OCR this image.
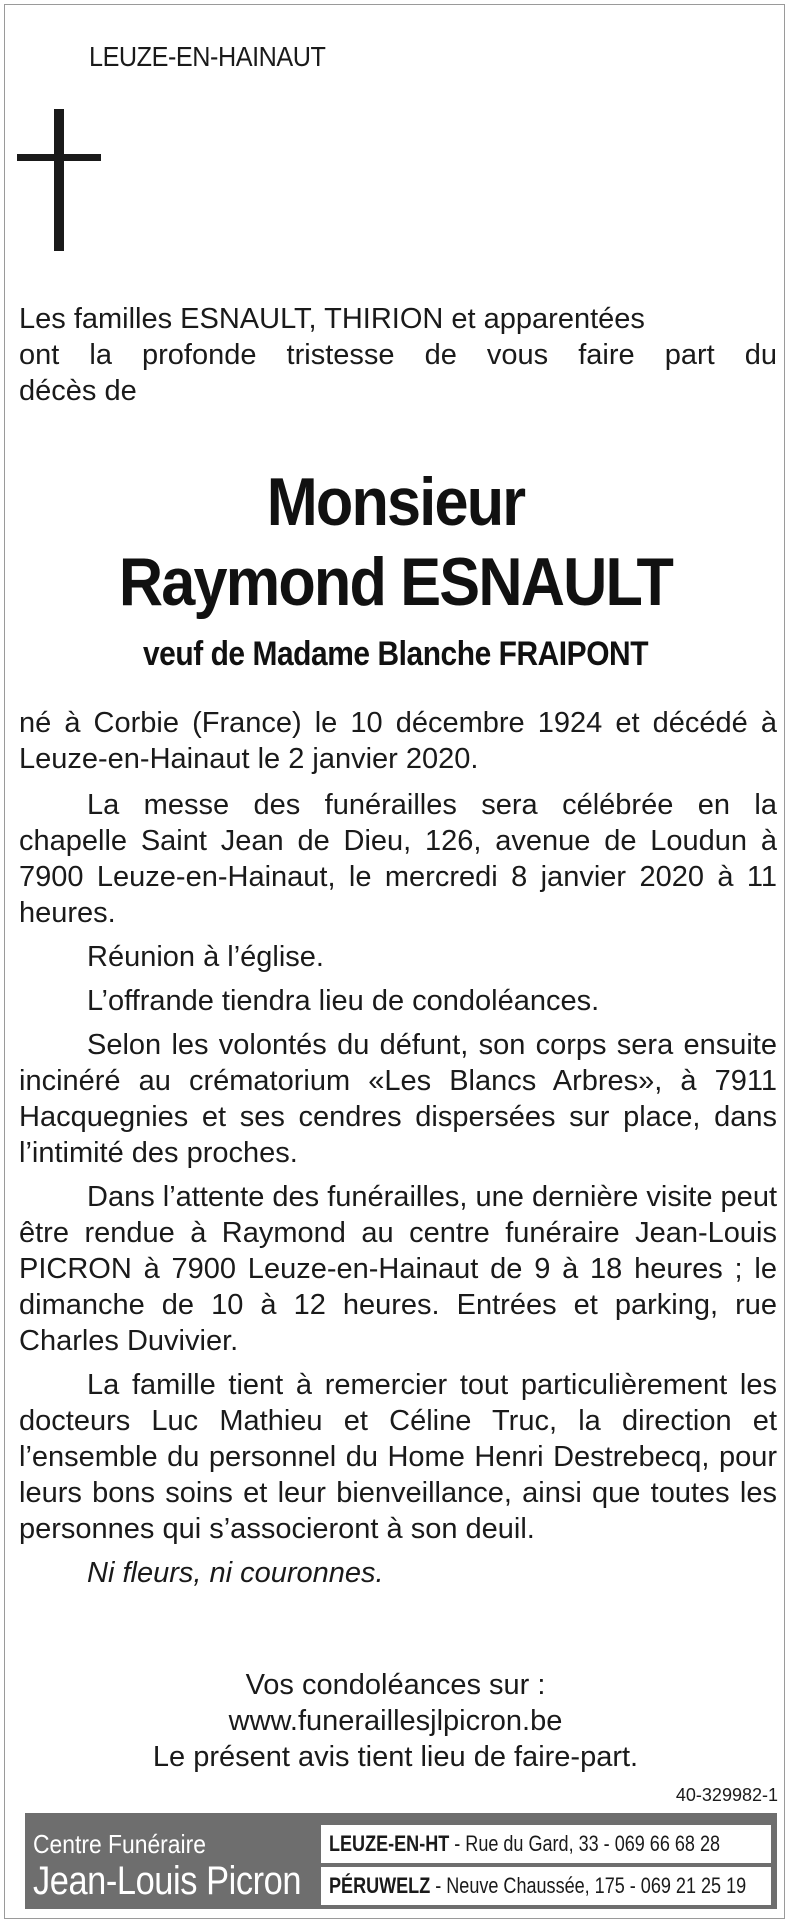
LEUZE-EN-HAINAUT

Les familles ESNAULT, THIRION et apparentées

ont la profonde tristesse de vous faire part du

décès de

Monsieur
Raymond ESNAULT
veuf de Madame Blanche FRAIPONT

né à Corbie (France) le 10 décembre 1924 et décédé à Leuze-en-Hainaut le 2 janvier 2020.

La messe des funérailles sera célébrée en la chapelle Saint Jean de Dieu, 126, avenue de Loudun à 7900 Leuze-en-Hainaut, le mercredi 8 janvier 2020 à 11 heures.

Réunion à l’église.

L’offrande tiendra lieu de condoléances.

Selon les volontés du défunt, son corps sera ensuite incinéré au crématorium «Les Blancs Arbres», à 7911 Hacquegnies et ses cendres dispersées sur place, dans l’intimité des proches.

Dans l’attente des funérailles, une dernière visite peut être rendue à Raymond au centre funéraire Jean-Louis PICRON à 7900 Leuze-en-Hainaut de 9 à 18 heures ; le dimanche de 10 à 12 heures. Entrées et parking, rue Charles Duvivier.

La famille tient à remercier tout particulièrement les docteurs Luc Mathieu et Céline Truc, la direction et l’ensemble du personnel du Home Henri Destrebecq, pour leurs bons soins et leur bienveillance, ainsi que toutes les personnes qui s’associeront à son deuil.

Ni fleurs, ni couronnes.

Vos condoléances sur :
www.funeraillesjlpicron.be
Le présent avis tient lieu de faire-part.
40-329982-1
Centre Funéraire
Jean-Louis Picron
LEUZE-EN-HT - Rue du Gard, 33 - 069 66 68 28
PÉRUWELZ - Neuve Chaussée, 175 - 069 21 25 19
